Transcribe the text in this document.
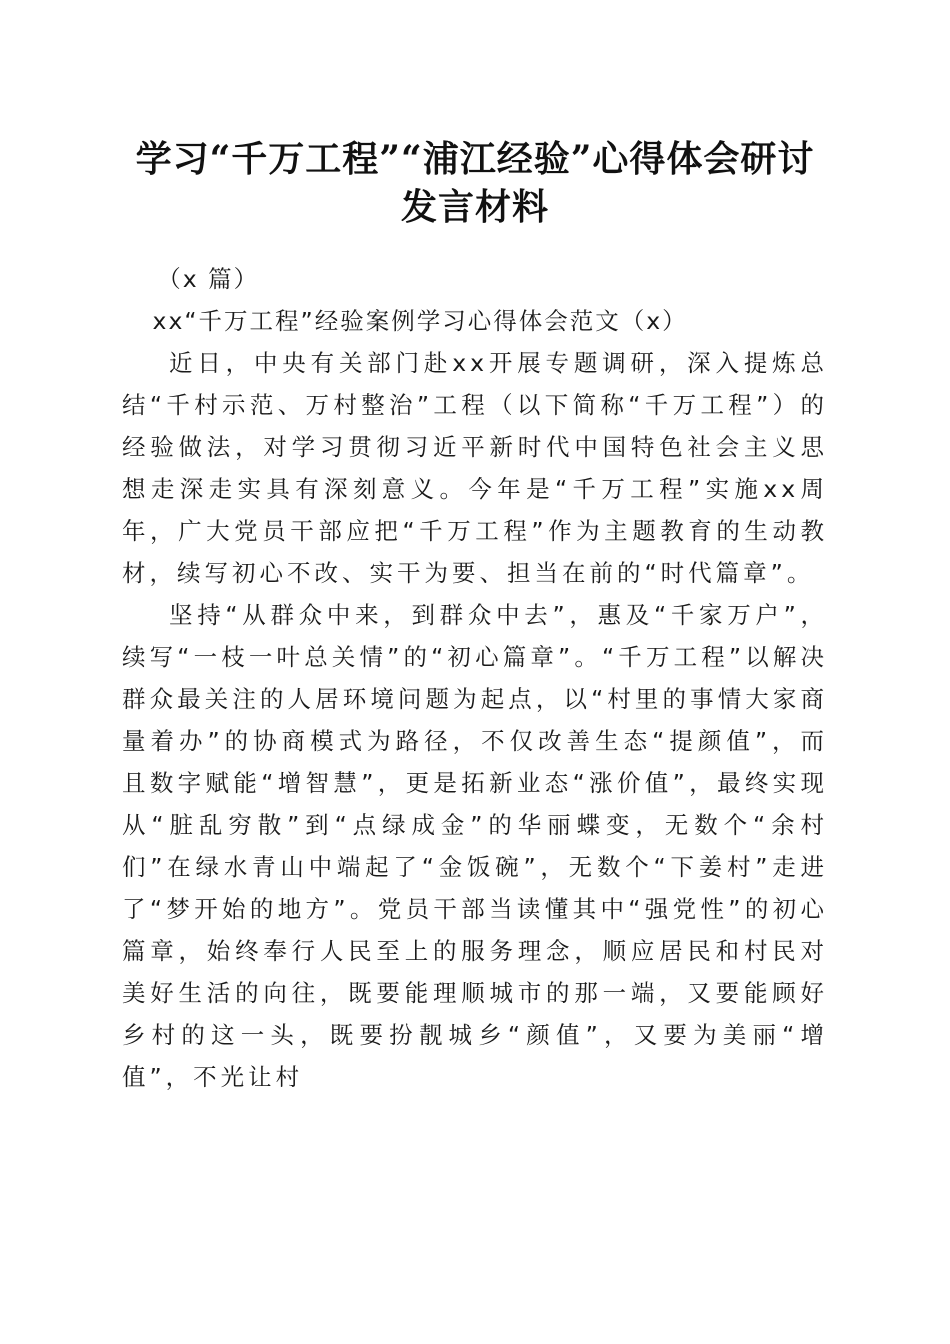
学习“千万工程”“浦江经验”心得体会研讨
发言材料

（x 篇）

xx“千万工程”经验案例学习心得体会范文（x）

近日，中央有关部门赴xx开展专题调研，深入提炼总结“千村示范、万村整治”工程（以下简称“千万工程”）的经验做法，对学习贯彻习近平新时代中国特色社会主义思想走深走实具有深刻意义。今年是“千万工程”实施xx周年，广大党员干部应把“千万工程”作为主题教育的生动教材，续写初心不改、实干为要、担当在前的“时代篇章”。

坚持“从群众中来，到群众中去”，惠及“千家万户”，续写“一枝一叶总关情”的“初心篇章”。“千万工程”以解决群众最关注的人居环境问题为起点，以“村里的事情大家商量着办”的协商模式为路径，不仅改善生态“提颜值”，而且数字赋能“增智慧”，更是拓新业态“涨价值”，最终实现从“脏乱穷散”到“点绿成金”的华丽蝶变，无数个“余村们”在绿水青山中端起了“金饭碗”，无数个“下姜村”走进了“梦开始的地方”。党员干部当读懂其中“强党性”的初心篇章，始终奉行人民至上的服务理念，顺应居民和村民对美好生活的向往，既要能理顺城市的那一端，又要能顾好乡村的这一头，既要扮靓城乡“颜值”，又要为美丽“增值”，不光让村
